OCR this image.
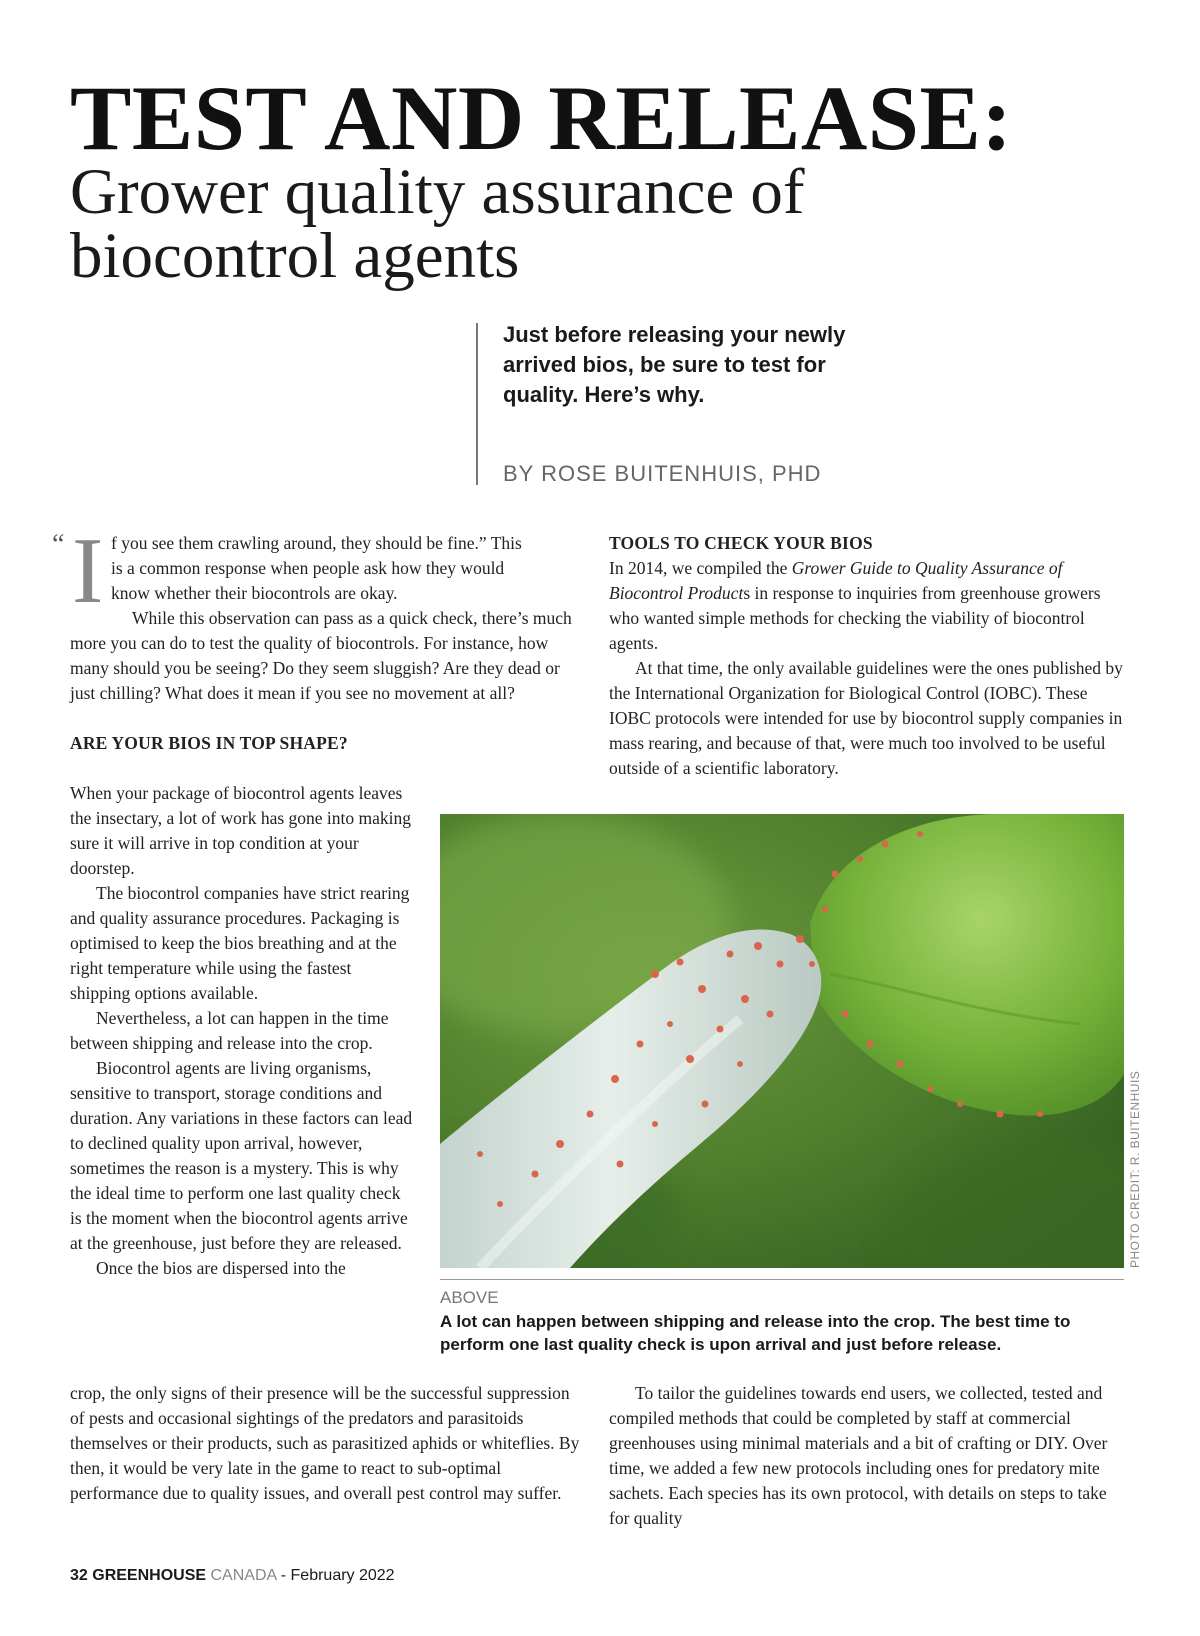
TEST AND RELEASE:
Grower quality assurance of biocontrol agents
Just before releasing your newly arrived bios, be sure to test for quality. Here’s why.
BY ROSE BUITENHUIS, PHD
“ I f you see them crawling around, they should be fine.” This

is a common response when people ask how they would

know whether their biocontrols are okay.

While this observation can pass as a quick check, there’s much more you can do to test the quality of biocontrols. For instance, how many should you be seeing? Do they seem sluggish? Are they dead or just chilling? What does it mean if you see no movement at all?

ARE YOUR BIOS IN TOP SHAPE?

When your package of biocontrol agents leaves the insectary, a lot of work has gone into making sure it will arrive in top condition at your doorstep.

The biocontrol companies have strict rearing and quality assurance procedures. Packaging is optimised to keep the bios breathing and at the right temperature while using the fastest shipping options available.

Nevertheless, a lot can happen in the time between shipping and release into the crop.

Biocontrol agents are living organisms, sensitive to transport, storage conditions and duration. Any variations in these factors can lead to declined quality upon arrival, however, sometimes the reason is a mystery. This is why the ideal time to perform one last quality check is the moment when the biocontrol agents arrive at the greenhouse, just before they are released.

Once the bios are dispersed into the

crop, the only signs of their presence will be the successful suppression of pests and occasional sightings of the predators and parasitoids themselves or their products, such as parasitized aphids or whiteflies. By then, it would be very late in the game to react to sub-optimal performance due to quality issues, and overall pest control may suffer.

TOOLS TO CHECK YOUR BIOS

In 2014, we compiled the Grower Guide to Quality Assurance of Biocontrol Products in response to inquiries from greenhouse growers who wanted simple methods for checking the viability of biocontrol agents.

At that time, the only available guidelines were the ones published by the International Organization for Biological Control (IOBC). These IOBC protocols were intended for use by biocontrol supply companies in mass rearing, and because of that, were much too involved to be useful outside of a scientific laboratory.

PHOTO CREDIT: R. BUITENHUIS
ABOVE
A lot can happen between shipping and release into the crop. The best time to perform one last quality check is upon arrival and just before release.

To tailor the guidelines towards end users, we collected, tested and compiled methods that could be completed by staff at commercial greenhouses using minimal materials and a bit of crafting or DIY. Over time, we added a few new protocols including ones for predatory mite sachets. Each species has its own protocol, with details on steps to take for quality

32 GREENHOUSE CANADA - February 2022
